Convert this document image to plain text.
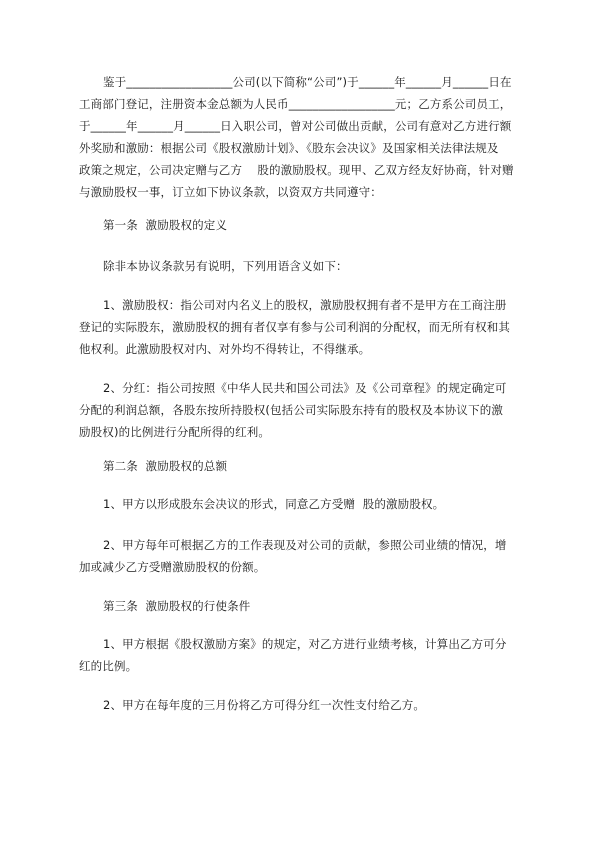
鉴于__________________公司(以下简称“公司”)于______年______月______日在
工商部门登记，注册资本金总额为人民币__________________元；乙方系公司员工，
于______年______月______日入职公司，曾对公司做出贡献，公司有意对乙方进行额
外奖励和激励：根据公司《股权激励计划》、《股东会决议》及国家相关法律法规及
政策之规定，公司决定赠与乙方    股的激励股权。现甲、乙双方经友好协商，针对赠
与激励股权一事，订立如下协议条款，以资双方共同遵守：
第一条  激励股权的定义
除非本协议条款另有说明，下列用语含义如下：
1、激励股权：指公司对内名义上的股权，激励股权拥有者不是甲方在工商注册
登记的实际股东，激励股权的拥有者仅享有参与公司利润的分配权，而无所有权和其
他权利。此激励股权对内、对外均不得转让，不得继承。
2、分红：指公司按照《中华人民共和国公司法》及《公司章程》的规定确定可
分配的利润总额，各股东按所持股权(包括公司实际股东持有的股权及本协议下的激
励股权)的比例进行分配所得的红利。
第二条  激励股权的总额
1、甲方以形成股东会决议的形式，同意乙方受赠  股的激励股权。
2、甲方每年可根据乙方的工作表现及对公司的贡献，参照公司业绩的情况，增
加或减少乙方受赠激励股权的份额。
第三条  激励股权的行使条件
1、甲方根据《股权激励方案》的规定，对乙方进行业绩考核，计算出乙方可分
红的比例。
2、甲方在每年度的三月份将乙方可得分红一次性支付给乙方。
